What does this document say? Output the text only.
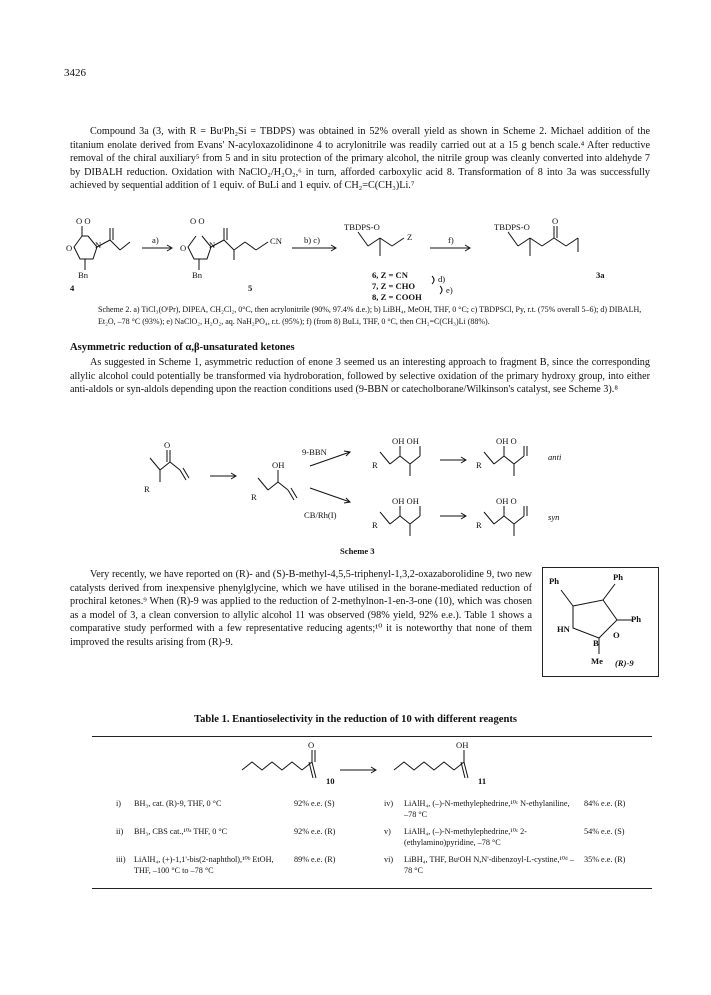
3426
Compound 3a (3, with R = BuᵗPh₂Si = TBDPS) was obtained in 52% overall yield as shown in Scheme 2. Michael addition of the titanium enolate derived from Evans' N-acyloxazolidinone 4 to acrylonitrile was readily carried out at a 15 g bench scale.⁴ After reductive removal of the chiral auxiliary⁵ from 5 and in situ protection of the primary alcohol, the nitrile group was cleanly converted into aldehyde 7 by DIBALH reduction. Oxidation with NaClO₂/H₂O₂,⁶ in turn, afforded carboxylic acid 8. Transformation of 8 into 3a was successfully achieved by sequential addition of 1 equiv. of BuLi and 1 equiv. of CH₂=C(CH₃)Li.⁷
O O
O	N
Bn
4
a)
O O
O	N	CN
Bn
5
b) c)
TBDPS-O
Z
6, Z = CN
7, Z = CHO
8, Z = COOH
d)
e)
f)
TBDPS-O
O
3a
Scheme 2. a) TiCl₃(OⁱPr), DIPEA, CH₂Cl₂, 0°C, then acrylonitrile (90%, 97.4% d.e.); b) LiBH₄, MeOH, THF, 0 °C; c) TBDPSCl, Py, r.t. (75% overall 5–6); d) DIBALH, Et₂O, –78 °C (93%); e) NaClO₂, H₂O₂, aq. NaH₂PO₄, r.t. (95%); f) (from 8) BuLi, THF, 0 °C, then CH₂=C(CH₃)Li (88%).
Asymmetric reduction of α,β-unsaturated ketones
As suggested in Scheme 1, asymmetric reduction of enone 3 seemed us an interesting approach to fragment B, since the corresponding allylic alcohol could potentially be transformed via hydroboration, followed by selective oxidation of the primary hydroxy group, into either anti-aldols or syn-aldols depending upon the reaction conditions used (9-BBN or catecholborane/Wilkinson's catalyst, see Scheme 3).⁸
O
R
OH
R
9-BBN
CB/Rh(I)
OH OH
R
OH O
R
anti
OH OH
R
OH O
R
syn
Scheme 3
Very recently, we have reported on (R)- and (S)-B-methyl-4,5,5-triphenyl-1,3,2-oxazaborolidine 9, two new catalysts derived from inexpensive phenylglycine, which we have utilised in the borane-mediated reduction of prochiral ketones.⁹ When (R)-9 was applied to the reduction of 2-methylnon-1-en-3-one (10), which was chosen as a model of 3, a clean conversion to allylic alcohol 11 was observed (98% yield, 92% e.e.). Table 1 shows a comparative study performed with a few representative reducing agents;¹⁰ it is noteworthy that none of them improved the results arising from (R)-9.
Ph	Ph
Ph
HN
B
O
Me (R)-9
Table 1. Enantioselectivity in the reduction of 10 with different reagents
O
10
OH
11
i) BH₃, cat. (R)-9, THF, 0 °C	92% e.e. (S)
ii) BH₃, CBS cat.,¹⁰ᵃ THF, 0 °C	92% e.e. (R)
iii) LiAlH₄, (+)-1,1'-bis(2-naphthol),¹⁰ᵇ EtOH, THF, –100 °C to –78 °C
89% e.e. (R)
iv) LiAlH₄, (–)-N-methylephedrine,¹⁰ᶜ N-ethylaniline, –78 °C
84% e.e. (R)
v) LiAlH₄, (–)-N-methylephedrine,¹⁰ᶜ 2-(ethylamino)pyridine, –78 °C
54% e.e. (S)
vi) LiBH₄, THF, BuᵗOH N,N'-dibenzoyl-L-cystine,¹⁰ᵈ –78 °C
35% e.e. (R)
